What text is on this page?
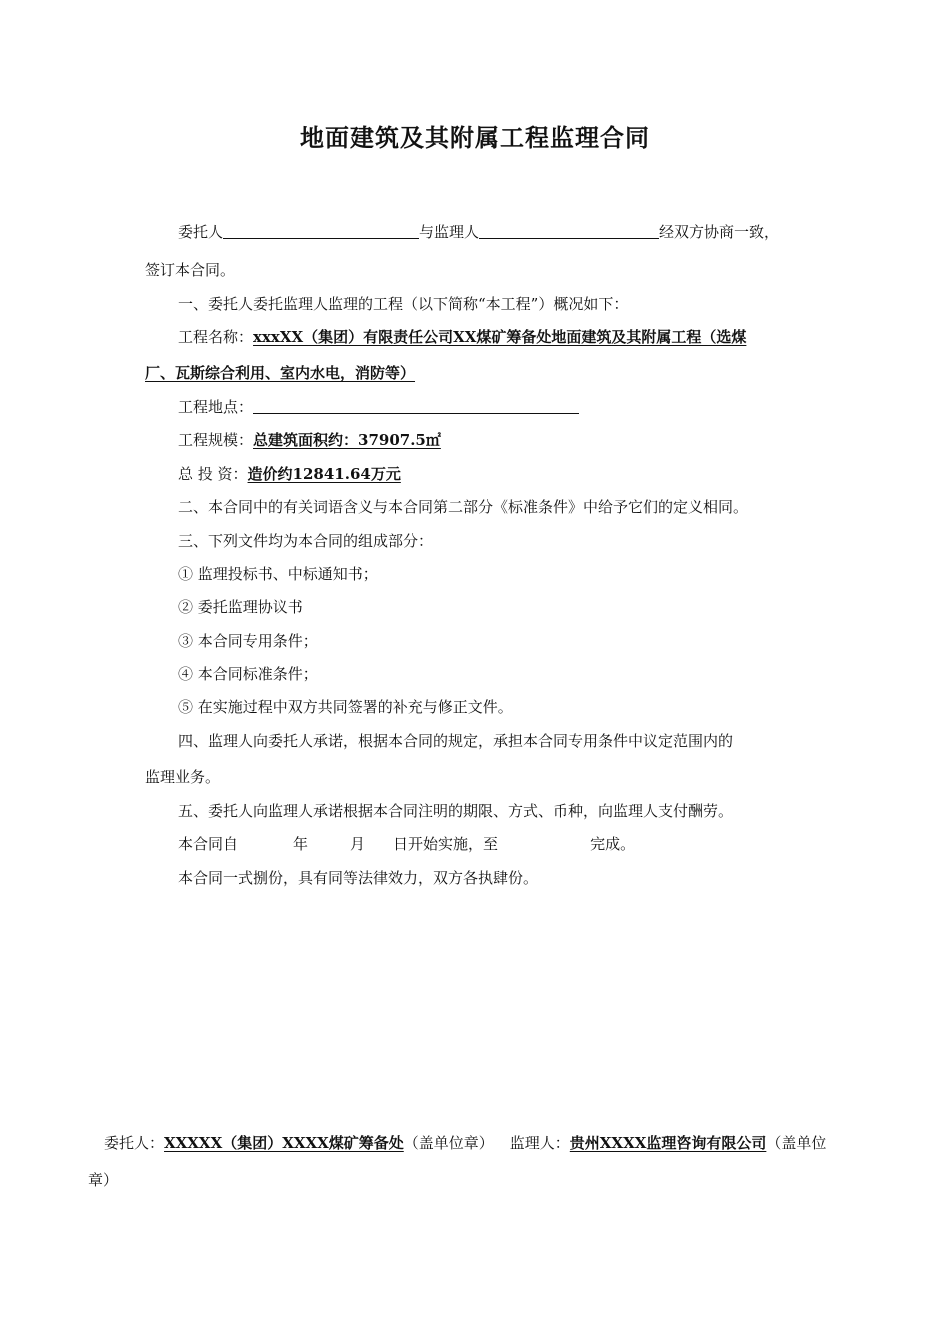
地面建筑及其附属工程监理合同
委托人	与监理人	经双方协商一致，
签订本合同。
一、委托人委托监理人监理的工程（以下简称“本工程”）概况如下：
工程名称：xxxXX（集团）有限责任公司XX煤矿筹备处地面建筑及其附属工程（选煤
厂、瓦斯综合利用、室内水电，消防等）
工程地点：
工程规模：总建筑面积约：37907.5㎡
总 投 资：造价约12841.64万元
二、本合同中的有关词语含义与本合同第二部分《标准条件》中给予它们的定义相同。
三、下列文件均为本合同的组成部分：
① 监理投标书、中标通知书；
② 委托监理协议书
③ 本合同专用条件；
④ 本合同标准条件；
⑤ 在实施过程中双方共同签署的补充与修正文件。
四、监理人向委托人承诺，根据本合同的规定，承担本合同专用条件中议定范围内的
监理业务。
五、委托人向监理人承诺根据本合同注明的期限、方式、币种，向监理人支付酬劳。
本合同自	年	月 日开始实施，至	完成。
本合同一式捌份，具有同等法律效力，双方各执肆份。
委托人：XXXXX（集团）XXXX煤矿筹备处（盖单位章） 监理人：贵州XXXX监理咨询有限公司（盖单位
章）
